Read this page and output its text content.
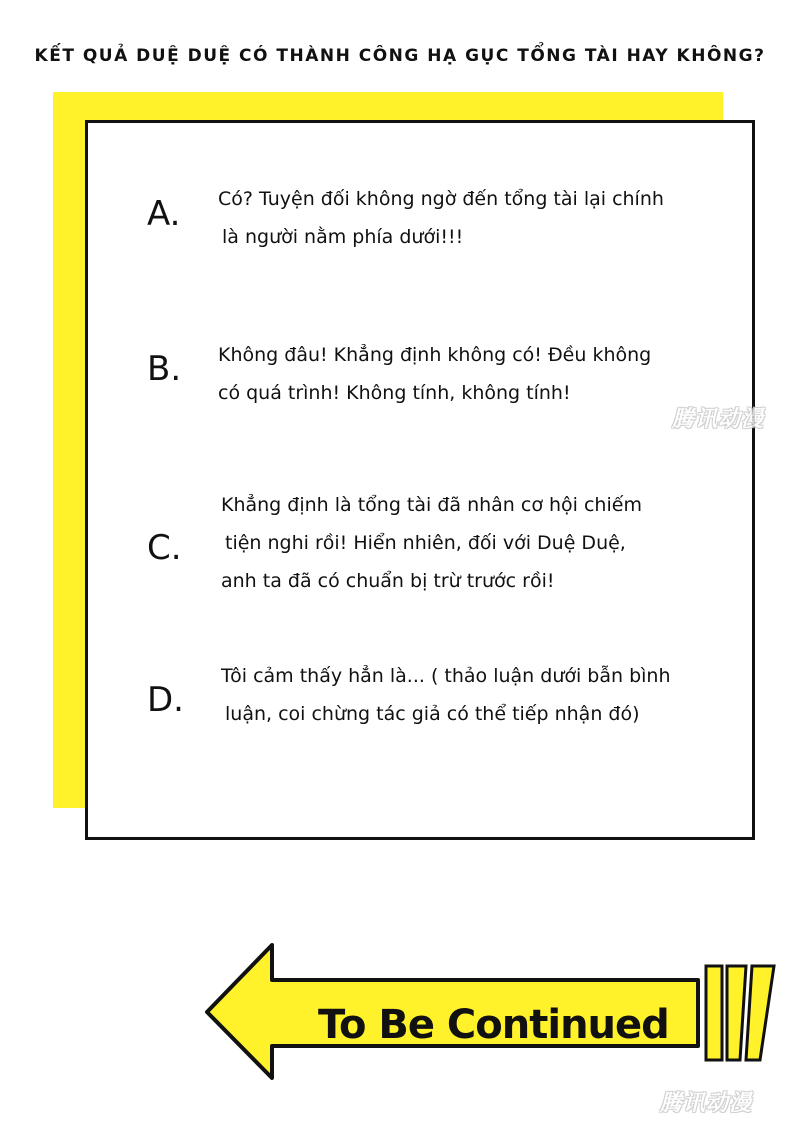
KẾT QUẢ DUỆ DUỆ CÓ THÀNH CÔNG HẠ GỤC TỔNG TÀI HAY KHÔNG?
A. Có? Tuyện đối không ngờ đến tổng tài lại chính
là người nằm phía dưới!!!
B. Không đâu! Khẳng định không có! Đều không
có quá trình! Không tính, không tính!
C.
Khẳng định là tổng tài đã nhân cơ hội chiếm
tiện nghi rồi! Hiển nhiên, đối với Duệ Duệ,
anh ta đã có chuẩn bị trừ trước rồi!
D.
Tôi cảm thấy hẳn là... ( thảo luận dưới bẫn bình
luận, coi chừng tác giả có thể tiếp nhận đó)
腾讯动漫
腾讯动漫
To Be Continued
